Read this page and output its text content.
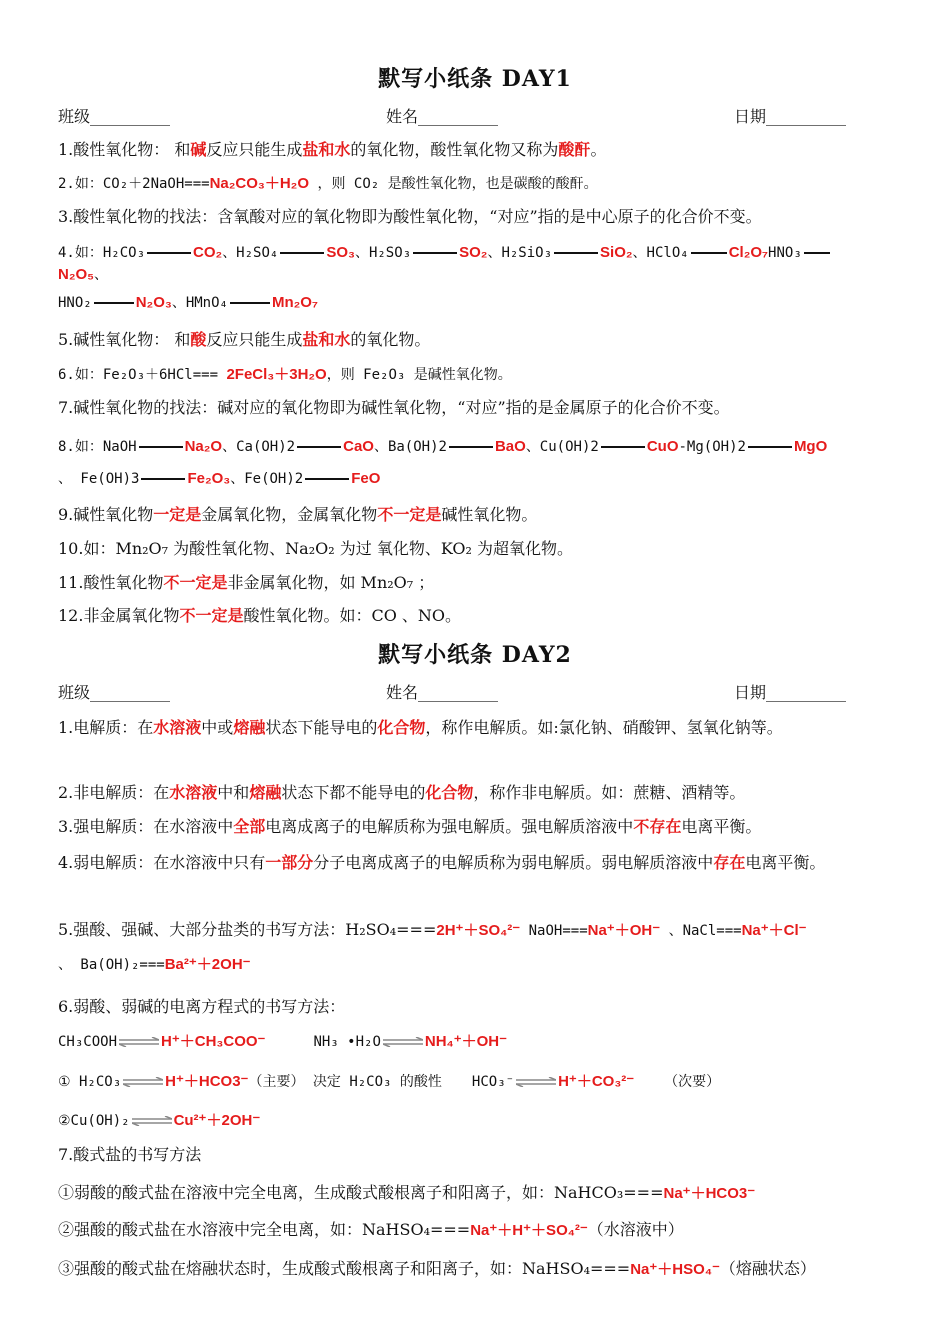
默写小纸条 DAY1
班级__________	姓名__________	日期__________
1.酸性氧化物： 和碱反应只能生成盐和水的氧化物，酸性氧化物又称为酸酐。
2.如：CO₂＋2NaOH===Na₂CO₃＋H₂O ，则 CO₂ 是酸性氧化物，也是碳酸的酸酐。
3.酸性氧化物的找法：含氧酸对应的氧化物即为酸性氧化物，“对应”指的是中心原子的化合价不变。
4.如：H₂CO₃	CO₂、H₂SO₄	SO₃、H₂SO₃	SO₂、H₂SiO₃	SiO₂、HClO₄	Cl₂O₇HNO₃
N₂O₅、
HNO₂	N₂O₃、HMnO₄	Mn₂O₇
5.碱性氧化物： 和酸反应只能生成盐和水的氧化物。
6.如：Fe₂O₃＋6HCl=== 2FeCl₃＋3H₂O，则 Fe₂O₃ 是碱性氧化物。
7.碱性氧化物的找法：碱对应的氧化物即为碱性氧化物，“对应”指的是金属原子的化合价不变。
8.如：NaOH	Na₂O、Ca(OH)2	CaO、Ba(OH)2	BaO、Cu(OH)2	CuO-Mg(OH)2	MgO
、 Fe(OH)3	Fe₂O₃、Fe(OH)2	FeO
9.碱性氧化物一定是金属氧化物，金属氧化物不一定是碱性氧化物。
10.如：Mn₂O₇ 为酸性氧化物、Na₂O₂ 为过 氧化物、KO₂ 为超氧化物。
11.酸性氧化物不一定是非金属氧化物，如 Mn₂O₇ ；
12.非金属氧化物不一定是酸性氧化物。如：CO 、NO。
默写小纸条 DAY2
班级__________	姓名__________	日期__________
1.电解质：在水溶液中或熔融状态下能导电的化合物，称作电解质。如:氯化钠、硝酸钾、氢氧化钠等。
2.非电解质：在水溶液中和熔融状态下都不能导电的化合物，称作非电解质。如：蔗糖、酒精等。
3.强电解质：在水溶液中全部电离成离子的电解质称为强电解质。强电解质溶液中不存在电离平衡。
4.弱电解质：在水溶液中只有一部分分子电离成离子的电解质称为弱电解质。弱电解质溶液中存在电离平衡。
5.强酸、强碱、大部分盐类的书写方法：H₂SO₄===2H⁺＋SO₄²⁻ NaOH===Na⁺＋OH⁻ 、NaCl===Na⁺＋Cl⁻
、 Ba(OH)₂===Ba²⁺＋2OH⁻
6.弱酸、弱碱的电离方程式的书写方法：
CH₃COOH ⇌ H⁺＋CH₃COO⁻	NH₃ •H₂O ⇌ NH₄⁺＋OH⁻
① H₂CO₃ ⇌ H⁺＋HCO3⁻（主要） 决定 H₂CO₃ 的酸性 HCO₃⁻ ⇌ H⁺＋CO₃²⁻ （次要）
②Cu(OH)₂ ⇌ Cu²⁺＋2OH⁻
7.酸式盐的书写方法
①弱酸的酸式盐在溶液中完全电离，生成酸式酸根离子和阳离子，如：NaHCO₃===Na⁺＋HCO3⁻
②强酸的酸式盐在水溶液中完全电离，如：NaHSO₄===Na⁺＋H⁺＋SO₄²⁻（水溶液中）
③强酸的酸式盐在熔融状态时，生成酸式酸根离子和阳离子，如：NaHSO₄===Na⁺＋HSO₄⁻（熔融状态）
